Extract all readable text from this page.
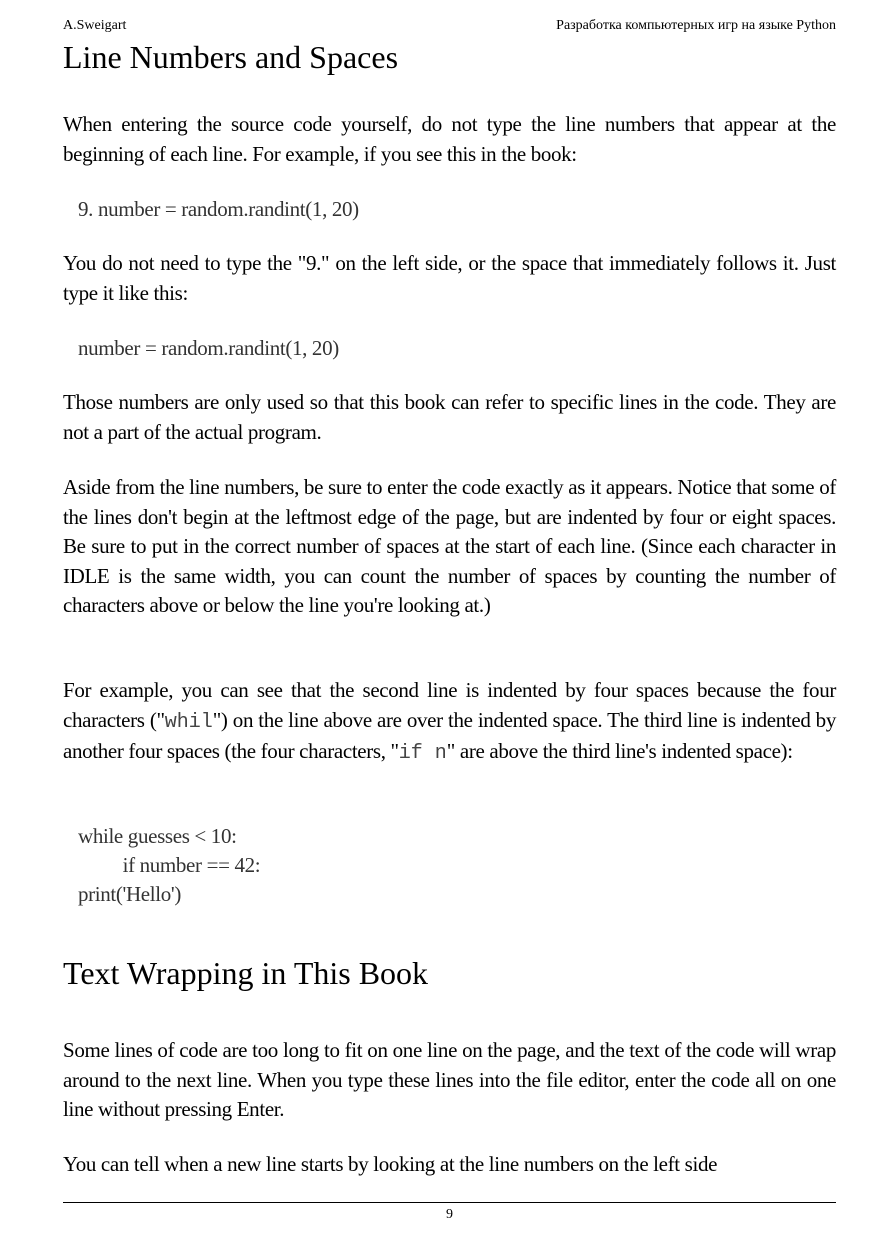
A.Sweigart	Разработка компьютерных игр на языке Python
Line Numbers and Spaces

When entering the source code yourself, do not type the line numbers that appear at the beginning of each line. For example, if you see this in the book:

9. number = random.randint(1, 20)

You do not need to type the "9." on the left side, or the space that immediately follows it. Just type it like this:

number = random.randint(1, 20)

Those numbers are only used so that this book can refer to specific lines in the code. They are not a part of the actual program.

Aside from the line numbers, be sure to enter the code exactly as it appears. Notice that some of the lines don't begin at the leftmost edge of the page, but are indented by four or eight spaces. Be sure to put in the correct number of spaces at the start of each line. (Since each character in IDLE is the same width, you can count the number of spaces by counting the number of characters above or below the line you're looking at.)

For example, you can see that the second line is indented by four spaces because the four characters ("whil") on the line above are over the indented space. The third line is indented by another four spaces (the four characters, "if n" are above the third line's indented space):

while guesses < 10:
if number == 42:
print('Hello')
Text Wrapping in This Book

Some lines of code are too long to fit on one line on the page, and the text of the code will wrap around to the next line. When you type these lines into the file editor, enter the code all on one line without pressing Enter.

You can tell when a new line starts by looking at the line numbers on the left side

9
